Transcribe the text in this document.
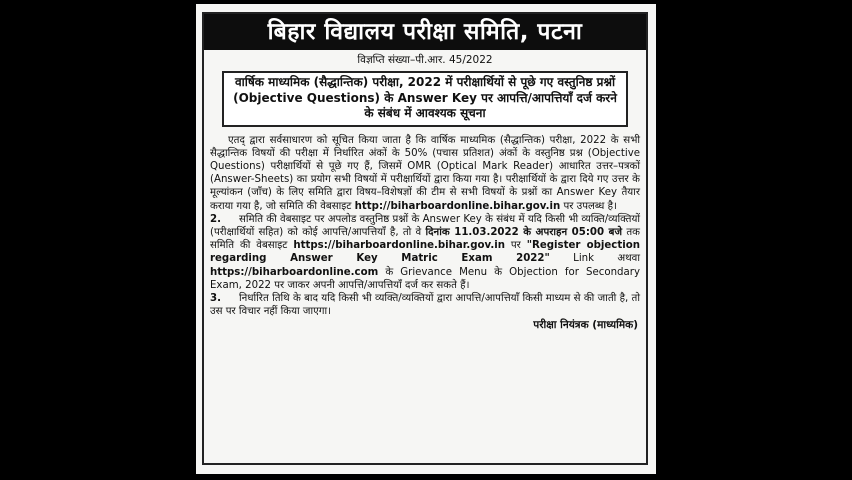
बिहार विद्यालय परीक्षा समिति, पटना
विज्ञप्ति संख्या–पी.आर. 45/2022
वार्षिक माध्यमिक (सैद्धान्तिक) परीक्षा, 2022 में परीक्षार्थियों से पूछे गए वस्तुनिष्ठ प्रश्नों (Objective Questions) के Answer Key पर आपत्ति/आपत्तियाँ दर्ज करने के संबंध में आवश्यक सूचना

एतद् द्वारा सर्वसाधारण को सूचित किया जाता है कि वार्षिक माध्यमिक (सैद्धान्तिक) परीक्षा, 2022 के सभी सैद्धान्तिक विषयों की परीक्षा में निर्धारित अंकों के 50% (पचास प्रतिशत) अंकों के वस्तुनिष्ठ प्रश्न (Objective Questions) परीक्षार्थियों से पूछे गए हैं, जिसमें OMR (Optical Mark Reader) आधारित उत्तर–पत्रकों (Answer-Sheets) का प्रयोग सभी विषयों में परीक्षार्थियों द्वारा किया गया है। परीक्षार्थियों के द्वारा दिये गए उत्तर के मूल्यांकन (जाँच) के लिए समिति द्वारा विषय–विशेषज्ञों की टीम से सभी विषयों के प्रश्नों का Answer Key तैयार कराया गया है, जो समिति की वेबसाइट http://biharboardonline.bihar.gov.in पर उपलब्ध है।

2. समिति की वेबसाइट पर अपलोड वस्तुनिष्ठ प्रश्नों के Answer Key के संबंध में यदि किसी भी व्यक्ति/व्यक्तियों (परीक्षार्थियों सहित) को कोई आपत्ति/आपत्तियाँ है, तो वे दिनांक 11.03.2022 के अपराहन 05:00 बजे तक समिति की वेबसाइट https://biharboardonline.bihar.gov.in पर "Register objection regarding Answer Key Matric Exam 2022" Link अथवा https://biharboardonline.com के Grievance Menu के Objection for Secondary Exam, 2022 पर जाकर अपनी आपत्ति/आपत्तियाँ दर्ज कर सकते हैं।

3. निर्धारित तिथि के बाद यदि किसी भी व्यक्ति/व्यक्तियों द्वारा आपत्ति/आपत्तियाँ किसी माध्यम से की जाती है, तो उस पर विचार नहीं किया जाएगा।

परीक्षा नियंत्रक (माध्यमिक)
